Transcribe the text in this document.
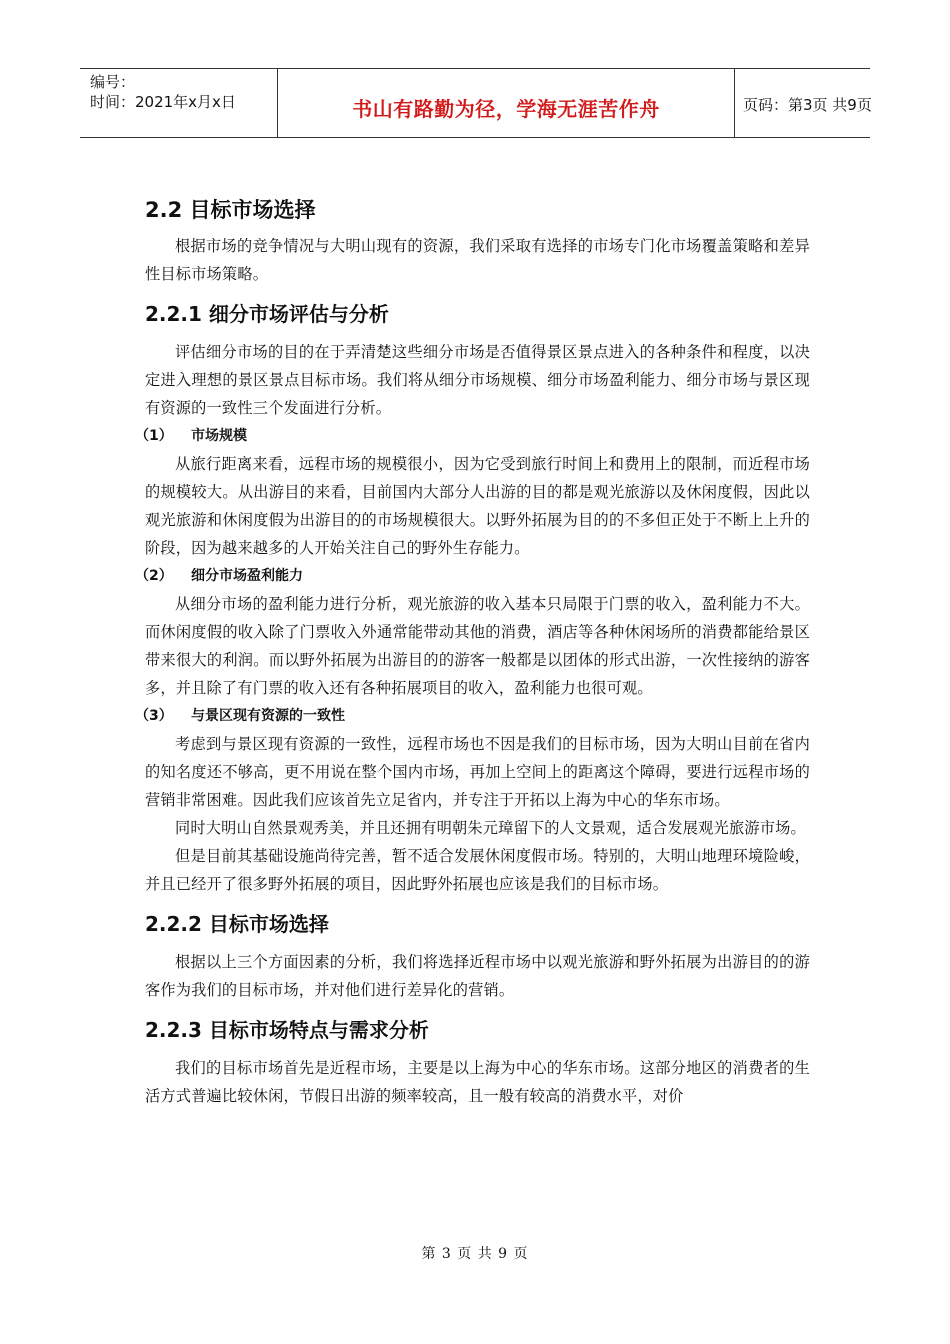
编号：
时间：2021年x月x日	书山有路勤为径，学海无涯苦作舟	页码：第3页 共9页
2.2 目标市场选择

根据市场的竞争情况与大明山现有的资源，我们采取有选择的市场专门化市场覆盖策略和差异性目标市场策略。

2.2.1 细分市场评估与分析

评估细分市场的目的在于弄清楚这些细分市场是否值得景区景点进入的各种条件和程度，以决定进入理想的景区景点目标市场。我们将从细分市场规模、细分市场盈利能力、细分市场与景区现有资源的一致性三个发面进行分析。

（1） 市场规模

从旅行距离来看，远程市场的规模很小，因为它受到旅行时间上和费用上的限制，而近程市场的规模较大。从出游目的来看，目前国内大部分人出游的目的都是观光旅游以及休闲度假，因此以观光旅游和休闲度假为出游目的的市场规模很大。以野外拓展为目的的不多但正处于不断上上升的阶段，因为越来越多的人开始关注自己的野外生存能力。

（2） 细分市场盈利能力

从细分市场的盈利能力进行分析，观光旅游的收入基本只局限于门票的收入，盈利能力不大。而休闲度假的收入除了门票收入外通常能带动其他的消费，酒店等各种休闲场所的消费都能给景区带来很大的利润。而以野外拓展为出游目的的游客一般都是以团体的形式出游，一次性接纳的游客多，并且除了有门票的收入还有各种拓展项目的收入，盈利能力也很可观。

（3） 与景区现有资源的一致性

考虑到与景区现有资源的一致性，远程市场也不因是我们的目标市场，因为大明山目前在省内的知名度还不够高，更不用说在整个国内市场，再加上空间上的距离这个障碍，要进行远程市场的营销非常困难。因此我们应该首先立足省内，并专注于开拓以上海为中心的华东市场。

同时大明山自然景观秀美，并且还拥有明朝朱元璋留下的人文景观，适合发展观光旅游市场。

但是目前其基础设施尚待完善，暂不适合发展休闲度假市场。特别的，大明山地理环境险峻，并且已经开了很多野外拓展的项目，因此野外拓展也应该是我们的目标市场。

2.2.2 目标市场选择

根据以上三个方面因素的分析，我们将选择近程市场中以观光旅游和野外拓展为出游目的的游客作为我们的目标市场，并对他们进行差异化的营销。

2.2.3 目标市场特点与需求分析

我们的目标市场首先是近程市场，主要是以上海为中心的华东市场。这部分地区的消费者的生活方式普遍比较休闲，节假日出游的频率较高，且一般有较高的消费水平，对价

第 3 页 共 9 页
